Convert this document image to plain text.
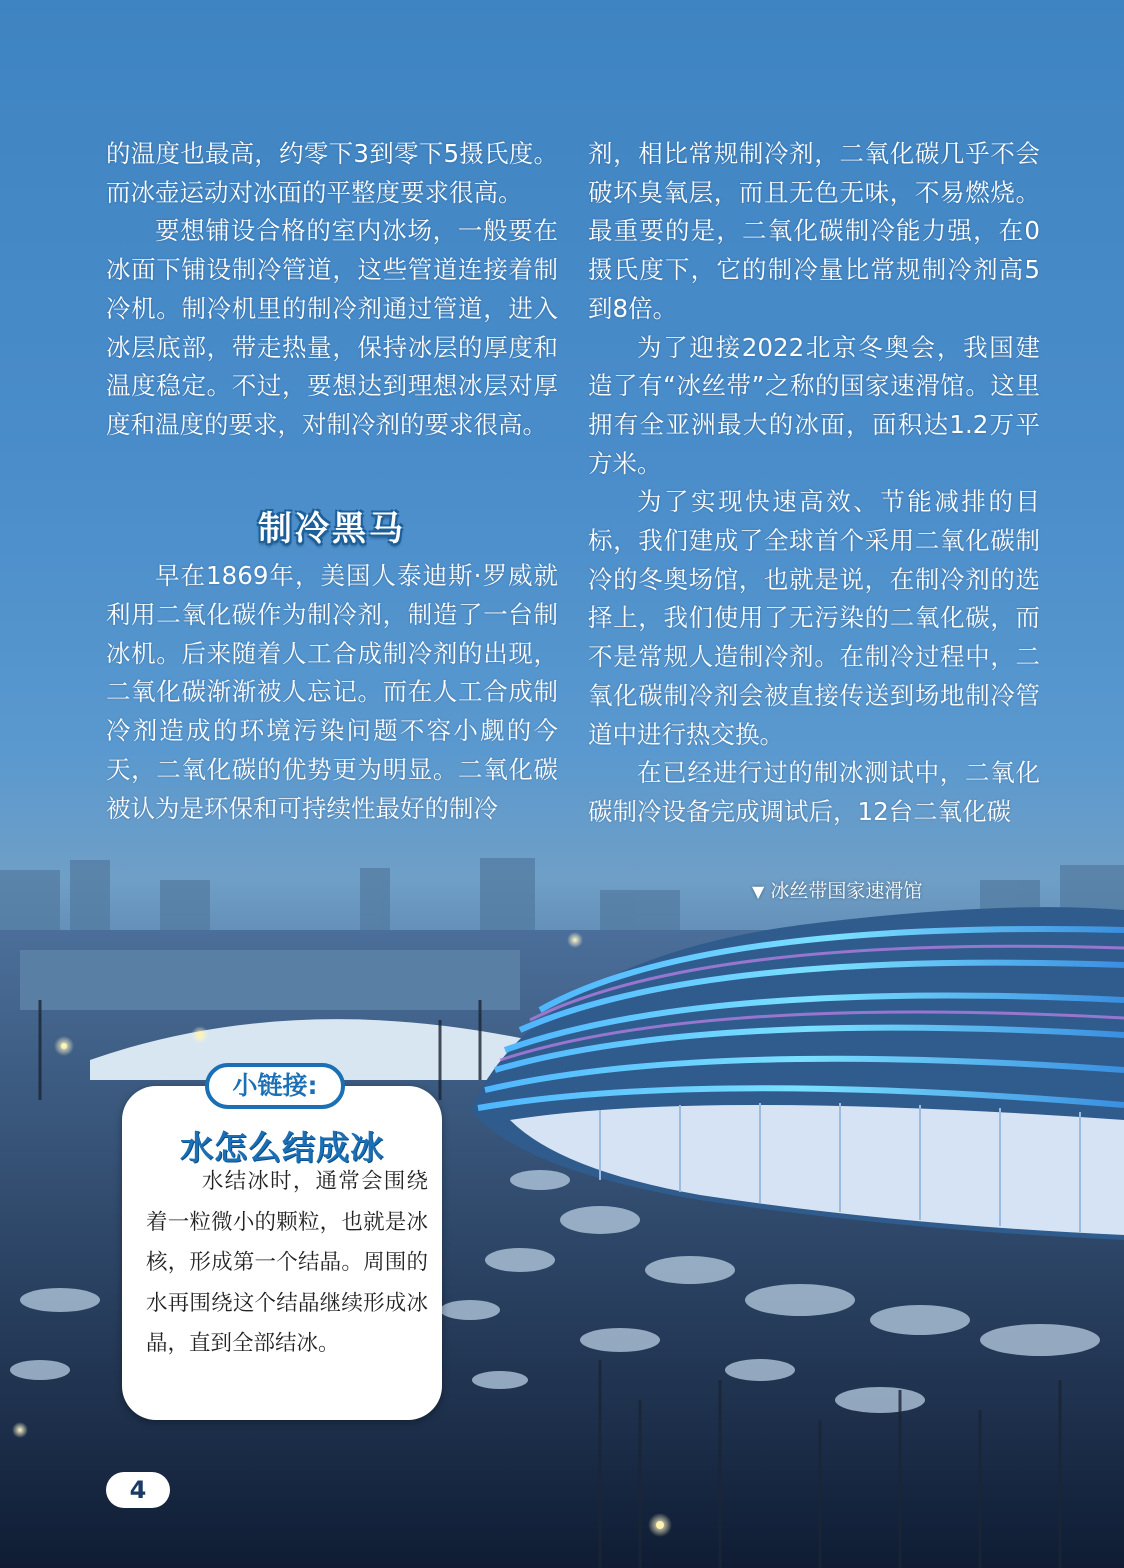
的温度也最高，约零下3到零下5摄氏度。而冰壶运动对冰面的平整度要求很高。

要想铺设合格的室内冰场，一般要在冰面下铺设制冷管道，这些管道连接着制冷机。制冷机里的制冷剂通过管道，进入冰层底部，带走热量，保持冰层的厚度和温度稳定。不过，要想达到理想冰层对厚度和温度的要求，对制冷剂的要求很高。

制冷黑马

早在1869年，美国人泰迪斯·罗威就利用二氧化碳作为制冷剂，制造了一台制冰机。后来随着人工合成制冷剂的出现，二氧化碳渐渐被人忘记。而在人工合成制冷剂造成的环境污染问题不容小觑的今天，二氧化碳的优势更为明显。二氧化碳被认为是环保和可持续性最好的制冷

剂，相比常规制冷剂，二氧化碳几乎不会破坏臭氧层，而且无色无味，不易燃烧。最重要的是，二氧化碳制冷能力强，在0摄氏度下，它的制冷量比常规制冷剂高5到8倍。

为了迎接2022北京冬奥会，我国建造了有“冰丝带”之称的国家速滑馆。这里拥有全亚洲最大的冰面，面积达1.2万平方米。

为了实现快速高效、节能减排的目标，我们建成了全球首个采用二氧化碳制冷的冬奥场馆，也就是说，在制冷剂的选择上，我们使用了无污染的二氧化碳，而不是常规人造制冷剂。在制冷过程中，二氧化碳制冷剂会被直接传送到场地制冷管道中进行热交换。

在已经进行过的制冰测试中，二氧化碳制冷设备完成调试后，12台二氧化碳

▼ 冰丝带国家速滑馆
水怎么结成冰
水结冰时，通常会围绕着一粒微小的颗粒，也就是冰核，形成第一个结晶。周围的水再围绕这个结晶继续形成冰晶，直到全部结冰。
小链接:
4
